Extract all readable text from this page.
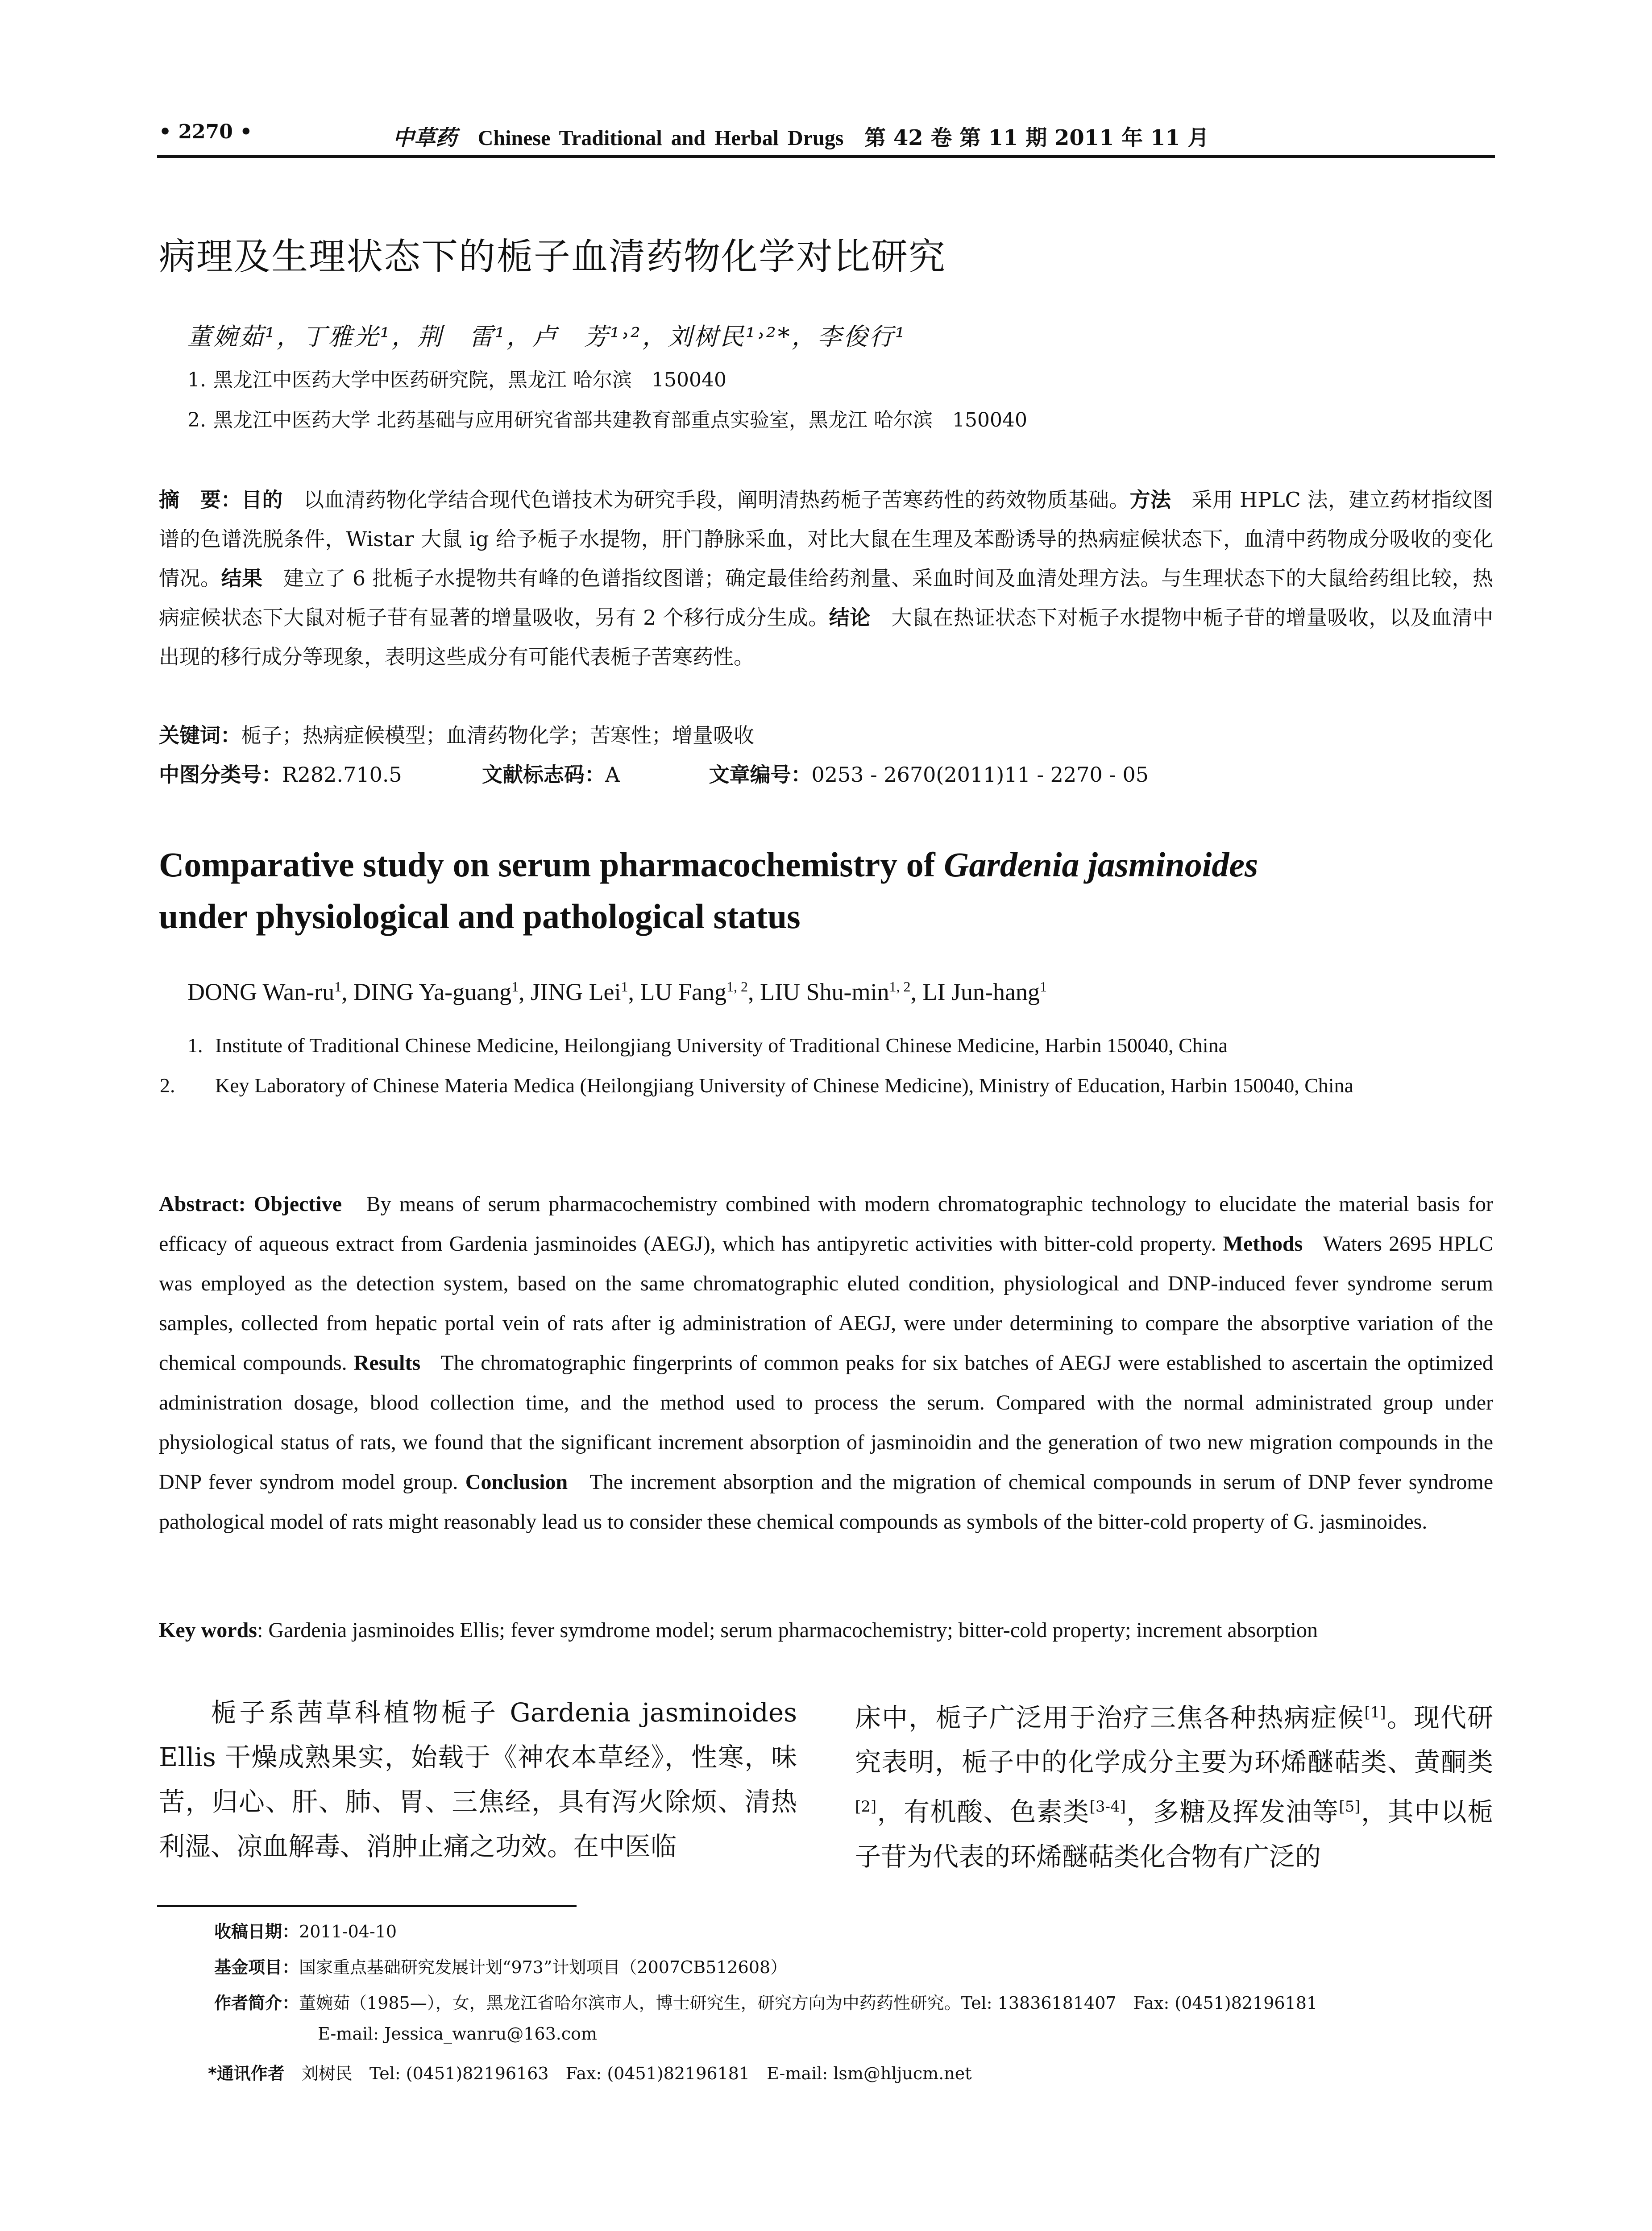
• 2270 •	中草药 Chinese Traditional and Herbal Drugs 第 42 卷 第 11 期 2011 年 11 月
病理及生理状态下的栀子血清药物化学对比研究
董婉茹¹，丁雅光¹，荆　雷¹，卢　芳¹˒²，刘树民¹˒²*，李俊行¹
1. 黑龙江中医药大学中医药研究院，黑龙江 哈尔滨　150040
2. 黑龙江中医药大学 北药基础与应用研究省部共建教育部重点实验室，黑龙江 哈尔滨　150040
摘　要：目的　 以血清药物化学结合现代色谱技术为研究手段，阐明清热药栀子苦寒药性的药效物质基础。方法　 采用 HPLC 法，建立药材指纹图谱的色谱洗脱条件，Wistar 大鼠 ig 给予栀子水提物，肝门静脉采血，对比大鼠在生理及苯酚诱导的热病症候状态下，血清中药物成分吸收的变化情况。结果　 建立了 6 批栀子水提物共有峰的色谱指纹图谱；确定最佳给药剂量、采血时间及血清处理方法。与生理状态下的大鼠给药组比较，热病症候状态下大鼠对栀子苷有显著的增量吸收，另有 2 个移行成分生成。结论　 大鼠在热证状态下对栀子水提物中栀子苷的增量吸收，以及血清中出现的移行成分等现象，表明这些成分有可能代表栀子苦寒药性。
关键词：栀子；热病症候模型；血清药物化学；苦寒性；增量吸收
中图分类号：R282.710.5	文献标志码：A	文章编号：0253 - 2670(2011)11 - 2270 - 05
Comparative study on serum pharmacochemistry of Gardenia jasminoides
under physiological and pathological status
DONG Wan-$ru^1$, DING Ya-guang$^1$, JING Lei$^1$, LU Fang$^{1, 2}$, LIU Shu-$\min^{1, 2}$, LI Jun-hang$^1$
1. Institute of Traditional Chinese Medicine, Heilongjiang University of Traditional Chinese Medicine, Harbin 150040, China
2. Key Laboratory of Chinese Materia Medica (Heilongjiang University of Chinese Medicine), Ministry of Education, Harbin 150040, China
Abstract: Objective By means of serum pharmacochemistry combined with modern chromatographic technology to elucidate the material basis for efficacy of aqueous extract from Gardenia jasminoides (AEGJ), which has antipyretic activities with bitter-cold property. Methods Waters 2695 HPLC was employed as the detection system, based on the same chromatographic eluted condition, physiological and DNP-induced fever syndrome serum samples, collected from hepatic portal vein of rats after ig administration of AEGJ, were under determining to compare the absorptive variation of the chemical compounds. Results The chromatographic fingerprints of common peaks for six batches of AEGJ were established to ascertain the optimized administration dosage, blood collection time, and the method used to process the serum. Compared with the normal administrated group under physiological status of rats, we found that the significant increment absorption of jasminoidin and the generation of two new migration compounds in the DNP fever syndrom model group. Conclusion The increment absorption and the migration of chemical compounds in serum of DNP fever syndrome pathological model of rats might reasonably lead us to consider these chemical compounds as symbols of the bitter-cold property of G. jasminoides.
Key words: Gardenia jasminoides Ellis; fever symdrome model; serum pharmacochemistry; bitter-cold property; increment absorption
栀子系茜草科植物栀子 Gardenia jasminoides Ellis 干燥成熟果实，始载于《神农本草经》，性寒，味苦，归心、肝、肺、胃、三焦经，具有泻火除烦、清热利湿、凉血解毒、消肿止痛之功效。在中医临
床中，栀子广泛用于治疗三焦各种热病症候[1]。现代研究表明，栀子中的化学成分主要为环烯醚萜类、黄酮类[2]，有机酸、色素类[3-4]，多糖及挥发油等[5]，其中以栀子苷为代表的环烯醚萜类化合物有广泛的
收稿日期：2011-04-10
基金项目：国家重点基础研究发展计划“973”计划项目（2007CB512608）
作者简介：董婉茹（1985—），女，黑龙江省哈尔滨市人，博士研究生，研究方向为中药药性研究。Tel: 13836181407　Fax: (0451)82196181
E-mail: Jessica_wanru@163.com
*通讯作者　 刘树民　Tel: (0451)82196163　Fax: (0451)82196181　E-mail: lsm@hljucm.net
